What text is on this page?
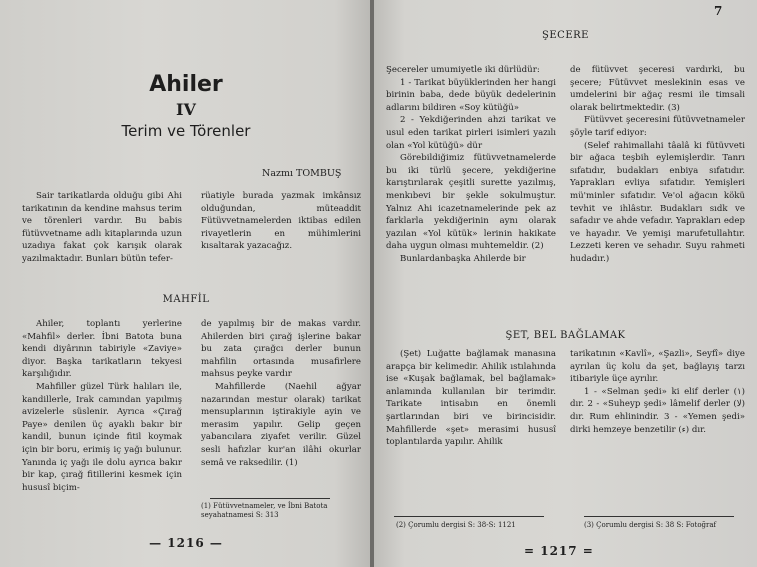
Ahiler
IV
Terim ve Törenler
Nazmı TOMBUŞ

Sair tarikatlarda olduğu gibi Ahi tarikatının da kendine mahsus terim ve törenleri vardır. Bu babis fütüvvetname adlı kitaplarında uzun uzadıya fakat çok karışık olarak yazılmaktadır. Bunları bütün tefer-

rüatiyle burada yazmak imkânsız olduğundan, müteaddit Fütüvvetnamelerden iktibas edilen rivayetlerin en mühimlerini kısaltarak yazacağız.

MAHFİL

Ahiler, toplantı yerlerine «Mahfil» derler. İbni Batota buna kendi diyârının tabiriyle «Zaviye» diyor. Başka tarikatların tekyesi karşılığıdır.

Mahfiller güzel Türk halıları ile, kandillerle, Irak camından yapılmış avizelerle süslenir. Ayrıca «Çırağ Paye» denilen üç ayaklı bakır bir kandil, bunun içinde fitil koymak için bir boru, erimiş iç yağı bulunur. Yanında iç yağı ile dolu ayrıca bakır bir kap, çırağ fitillerini kesmek için hususî biçim-

de yapılmış bir de makas vardır. Ahilerden biri çırağ işlerine bakar bu zata çırağcı derler bunun mahfilin ortasında musafirlere mahsus peyke vardır

Mahfillerde (Naehil ağyar nazarından mestur olarak) tarikat mensuplarının iştirakiyle ayin ve merasim yapılır. Gelip geçen yabancılara ziyafet verilir. Güzel sesli hafızlar kur'an ilâhi okurlar semâ ve raksedilir. (1)

(1) Fütüvvetnameler, ve İbni Batota seyahatnamesi S: 313
— 1216 —
7
ŞECERE

Şecereler umumiyetle iki dürlüdür:

1 - Tarikat büyüklerinden her hangi birinin baba, dede büyük dedelerinin adlarını bildiren «Soy kütüğü»

2 - Yekdiğerinden ahzi tarikat ve usul eden tarikat pirleri isimleri yazılı olan «Yol kütüğü» dür

Görebildiğimiz fütüvvetnamelerde bu iki türlü şecere, yekdiğerine karıştırılarak çeşitli surette yazılmış, menkıbevi bir şekle sokulmuştur. Yalnız Ahi icazetnamelerinde pek az farklarla yekdiğerinin aynı olarak yazılan «Yol kütük» lerinin hakikate daha uygun olması muhtemeldir. (2)

Bunlardanbaşka Ahilerde bir

de fütüvvet şeceresi vardırki, bu şecere; Fütüvvet meslekinin esas ve umdelerini bir ağaç resmi ile timsali olarak belirtmektedir. (3)

Fütüvvet şeceresini fütüvvetnameler şöyle tarif ediyor:

(Selef rahimallahi tâalâ ki fütüvveti bir ağaca teşbih eylemişlerdir. Tanrı sıfatıdır, budakları enbiya sıfatıdır. Yaprakları evliya sıfatıdır. Yemişleri mü'minler sıfatıdır. Ve'ol ağacın kökü tevhit ve ihlâstır. Budakları sıdk ve safadır ve ahde vefadır. Yaprakları edep ve hayadır. Ve yemişi marufetullahtır. Lezzeti keren ve sehadır. Suyu rahmeti hudadır.)

ŞET, BEL BAĞLAMAK

(Şet) Luğatte bağlamak manasına arapça bir kelimedir. Ahilik ıstılahında ise «Kuşak bağlamak, bel bağlamak» anlamında kullanılan bir terimdir. Tarikate intisabın en önemli şartlarından biri ve birincisidir. Mahfillerde «şet» merasimi hususî toplantılarda yapılır. Ahilik

tarikatının «Kavlî», «Şazli», Seyfî» diye ayrılan üç kolu da şet, bağlayış tarzı itibariyle üçe ayrılır.

1 - «Selman şedi» ki elif derler (۱) dır. 2 - «Suheyp şedi» lâmelif derler (لا) dır. Rum ehlinindir. 3 - «Yemen şedi» dirki hemzeye benzetilir (ء) dır.

(2) Çorumlu dergisi S: 38-S: 1121	(3) Çorumlu dergisi S: 38 S: Fotoğraf
= 1217 =
